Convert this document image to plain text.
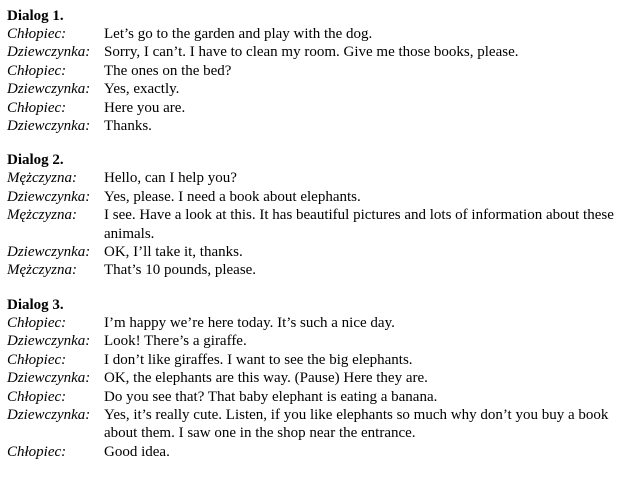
Dialog 1.
Chłopiec:	Let’s go to the garden and play with the dog.
Dziewczynka: Sorry, I can’t. I have to clean my room. Give me those books, please.
Chłopiec:	The ones on the bed?
Dziewczynka: Yes, exactly.
Chłopiec:	Here you are.
Dziewczynka: Thanks.
Dialog 2.
Mężczyzna:	Hello, can I help you?
Dziewczynka: Yes, please. I need a book about elephants.
Mężczyzna:	I see. Have a look at this. It has beautiful pictures and lots of information about these animals.
Dziewczynka: OK, I’ll take it, thanks.
Mężczyzna:	That’s 10 pounds, please.
Dialog 3.
Chłopiec:	I’m happy we’re here today. It’s such a nice day.
Dziewczynka: Look! There’s a giraffe.
Chłopiec:	I don’t like giraffes. I want to see the big elephants.
Dziewczynka: OK, the elephants are this way. (Pause) Here they are.
Chłopiec:	Do you see that? That baby elephant is eating a banana.
Dziewczynka: Yes, it’s really cute. Listen, if you like elephants so much why don’t you buy a book about them. I saw one in the shop near the entrance.
Chłopiec:	Good idea.
